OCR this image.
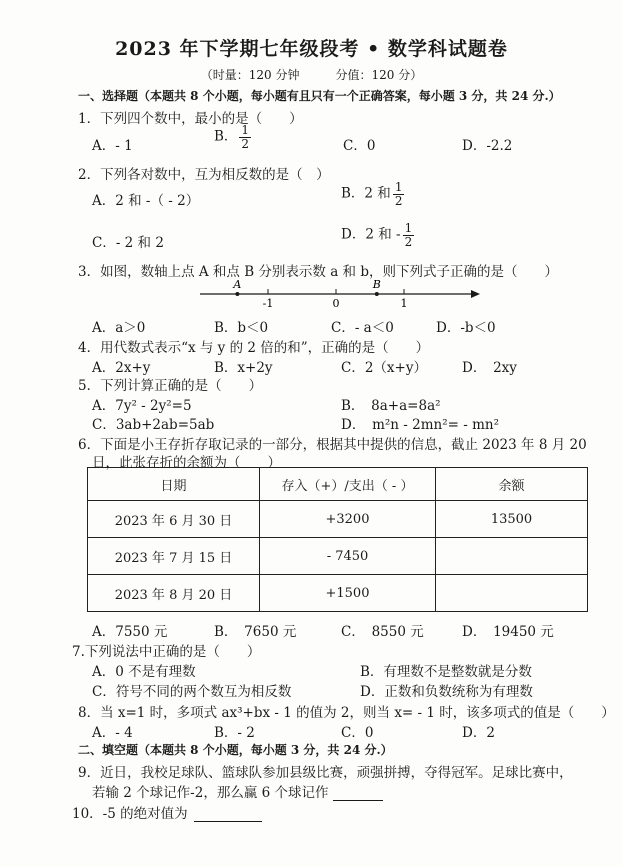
2023 年下学期七年级段考 • 数学科试题卷
（时量：120 分钟　　　分值：120 分）
一、选择题（本题共 8 个小题，每小题有且只有一个正确答案，每小题 3 分，共 24 分.）
1．下列四个数中，最小的是（　　）
A．- 1
B． $\frac{1}{2}$	C．0	D．-2.2
2．下列各对数中，互为相反数的是（　）
A．2 和 -（ - 2）	B．2 和 $\frac{1}{2}$
C．- 2 和 2
D．2 和 - $\frac{1}{2}$
3．如图，数轴上点 A 和点 B 分别表示数 a 和 b，则下列式子正确的是（　　）
A	B
-1	0	1
A．a＞0	B．b＜0	C．- a＜0	D．-b＜0
4．用代数式表示“x 与 y 的 2 倍的和”，正确的是（　　）
A．2x+y	B．x+2y	C．2（x+y）	D．　2xy
5．下列计算正确的是（　　）
A．7y² - 2y²=5	B．　8a+a=8a²
C．3ab+2ab=5ab	D．　m²n - 2mn²= - mn²
6．下面是小王存折存取记录的一部分，根据其中提供的信息，截止 2023 年 8 月 20
日，此张存折的余额为（　　）
日期	存入（+）/支出（ - ）	余额
2023 年 6 月 30 日	+3200	13500
2023 年 7 月 15 日	- 7450	
2023 年 8 月 20 日	+1500	
A．7550 元	B．　7650 元	C．　8550 元	D．　19450 元
7.下列说法中正确的是（　　）
A．0 不是有理数	B．有理数不是整数就是分数
C．符号不同的两个数互为相反数	D．正数和负数统称为有理数
8．当 x=1 时，多项式 ax³+bx - 1 的值为 2，则当 x= - 1 时，该多项式的值是（　　）
A．- 4	B．- 2	C．0	D．2
二、填空题（本题共 8 个小题，每小题 3 分，共 24 分.）
9．近日，我校足球队、篮球队参加县级比赛，顽强拼搏，夺得冠军。足球比赛中，
若输 2 个球记作-2，那么赢 6 个球记作
10．-5 的绝对值为
